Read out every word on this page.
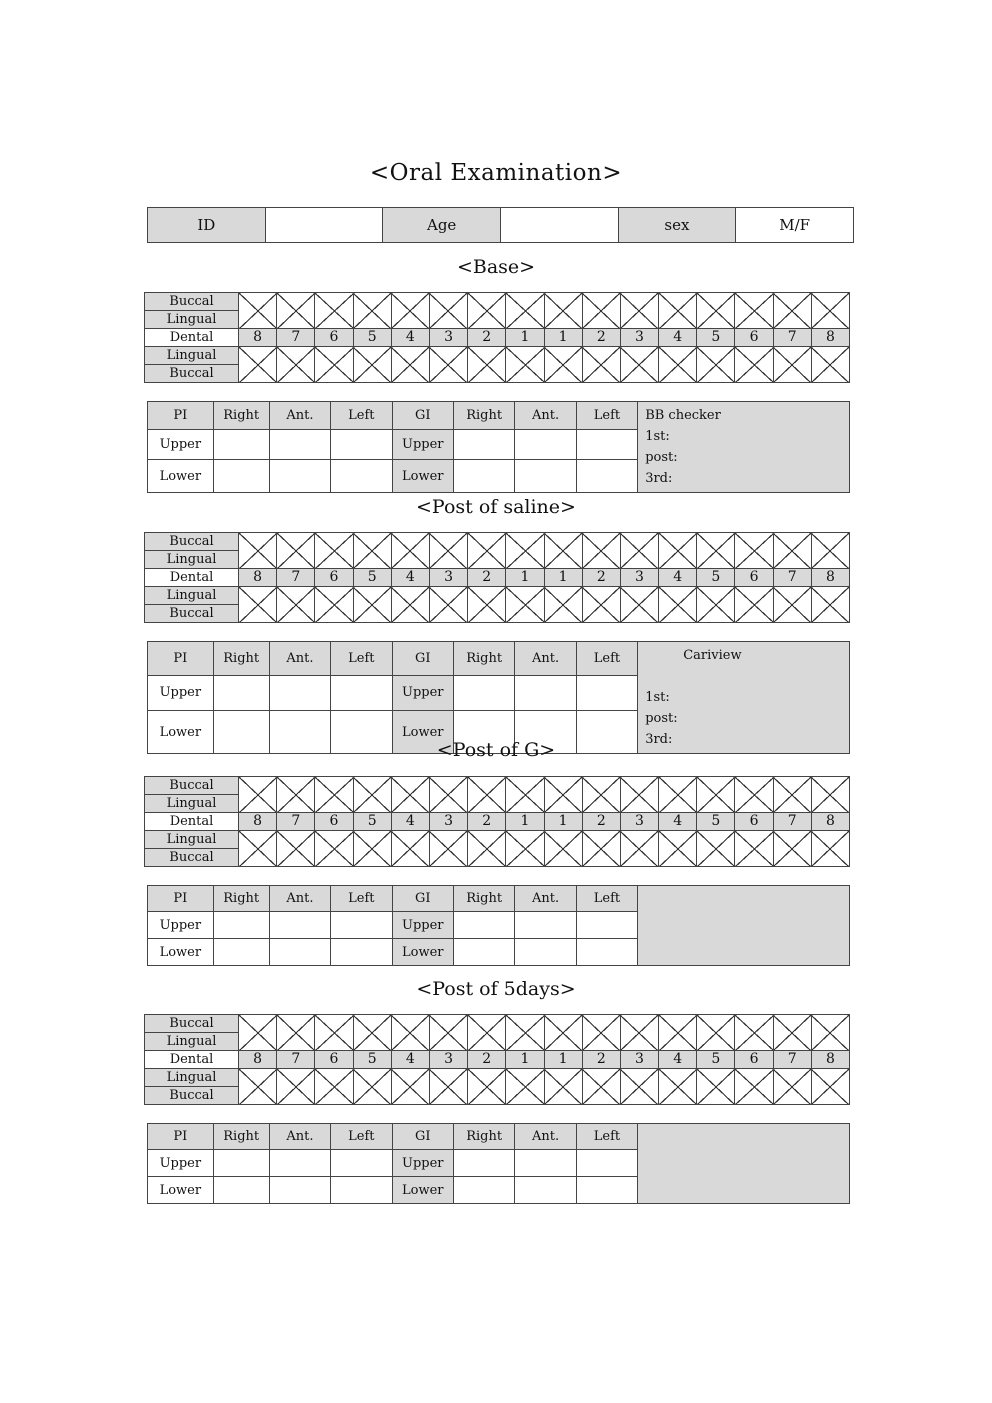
<Oral Examination>
ID		Age		sex	M/F
<Base>
Buccal																
Lingual																
Dental	8	7	6	5	4	3	2	1	1	2	3	4	5	6	7	8
Lingual																
Buccal																
PI	Right	Ant.	Left	GI	Right	Ant.	Left	BB checker
1st:
post:
3rd:
Upper				Upper				
Lower				Lower				
<Post of saline>
Buccal																
Lingual																
Dental	8	7	6	5	4	3	2	1	1	2	3	4	5	6	7	8
Lingual																
Buccal																
PI	Right	Ant.	Left	GI	Right	Ant.	Left	Cariview

1st:
post:
3rd:
Upper				Upper				
Lower				Lower				
<Post of G>
Buccal																
Lingual																
Dental	8	7	6	5	4	3	2	1	1	2	3	4	5	6	7	8
Lingual																
Buccal																
PI	Right	Ant.	Left	GI	Right	Ant.	Left	
Upper				Upper				
Lower				Lower				
<Post of 5days>
Buccal																
Lingual																
Dental	8	7	6	5	4	3	2	1	1	2	3	4	5	6	7	8
Lingual																
Buccal																
PI	Right	Ant.	Left	GI	Right	Ant.	Left	
Upper				Upper				
Lower				Lower				
